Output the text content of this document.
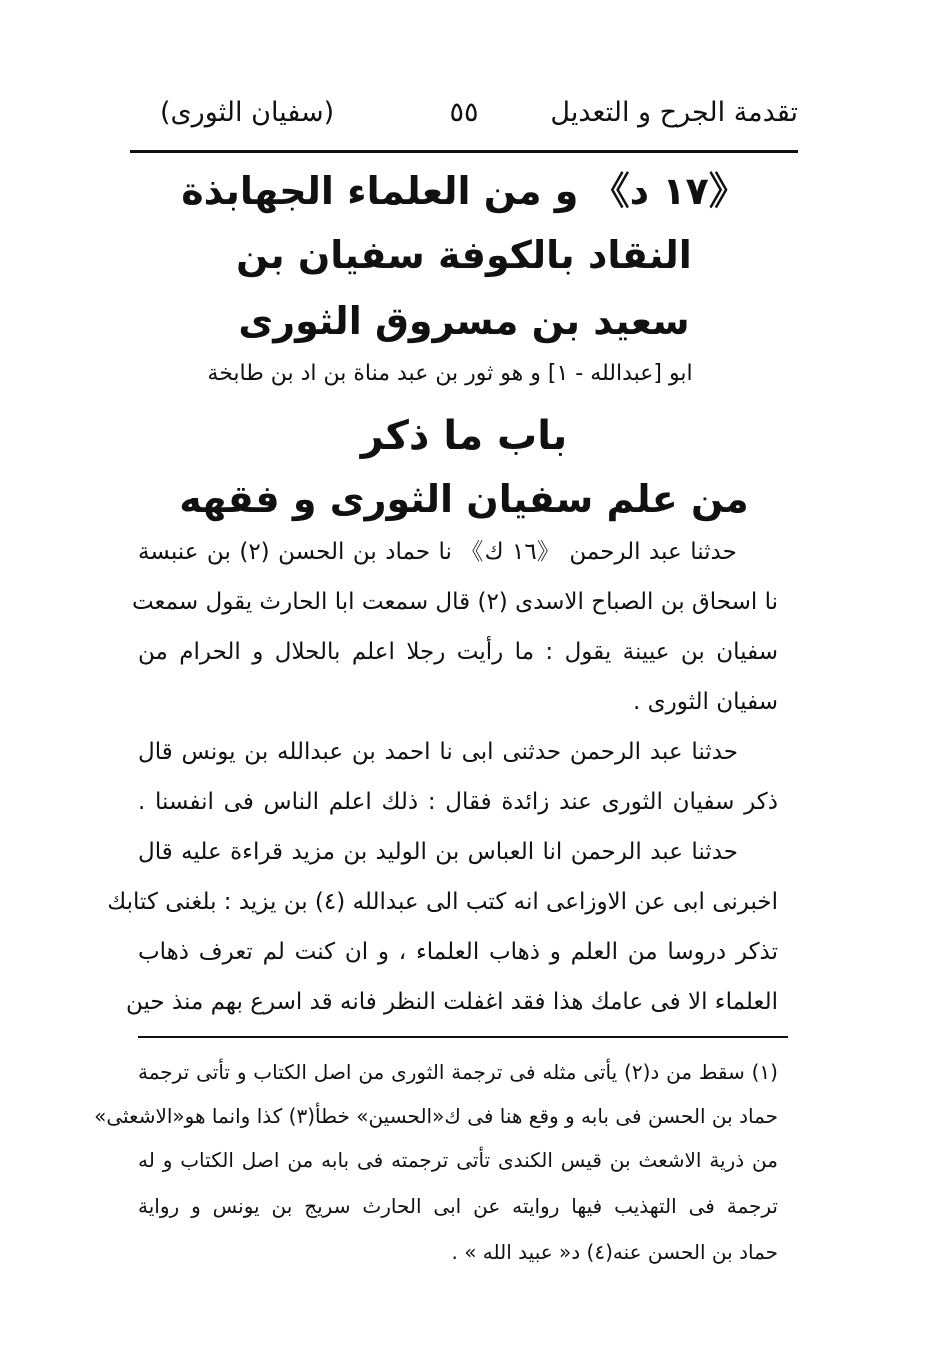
تقدمة الجرح و التعديل
٥٥
(سفيان الثورى)
《١٧ د》 و من العلماء الجهابذة
النقاد بالكوفة سفيان بن
سعيد بن مسروق الثورى
ابو [عبدالله - ١] و هو ثور بن عبد مناة بن اد بن طابخة
باب ما ذكر
من علم سفيان الثورى و فقهه
حدثنا عبد الرحمن 《١٦ ك》 نا حماد بن الحسن (٢) بن عنبسة
نا اسحاق بن الصباح الاسدى (٢) قال سمعت ابا الحارث يقول سمعت
سفيان بن عيينة يقول : ما رأيت رجلا اعلم بالحلال و الحرام من
سفيان الثورى .
حدثنا عبد الرحمن حدثنى ابى نا احمد بن عبدالله بن يونس قال
ذكر سفيان الثورى عند زائدة فقال : ذلك اعلم الناس فى انفسنا .
حدثنا عبد الرحمن انا العباس بن الوليد بن مزيد قراءة عليه قال
اخبرنى ابى عن الاوزاعى انه كتب الى عبدالله (٤) بن يزيد : بلغنى كتابك
تذكر دروسا من العلم و ذهاب العلماء ، و ان كنت لم تعرف ذهاب
العلماء الا فى عامك هذا فقد اغفلت النظر فانه قد اسرع بهم منذ حين
(١) سقط من د(٢) يأتى مثله فى ترجمة الثورى من اصل الكتاب و تأتى ترجمة
حماد بن الحسن فى بابه و وقع هنا فى ك«الحسين» خطأ(٣) كذا وانما هو«الاشعثى»
من ذرية الاشعث بن قيس الكندى تأتى ترجمته فى بابه من اصل الكتاب و له
ترجمة فى التهذيب فيها روايته عن ابى الحارث سريج بن يونس و رواية
حماد بن الحسن عنه(٤) د« عبيد الله » .
